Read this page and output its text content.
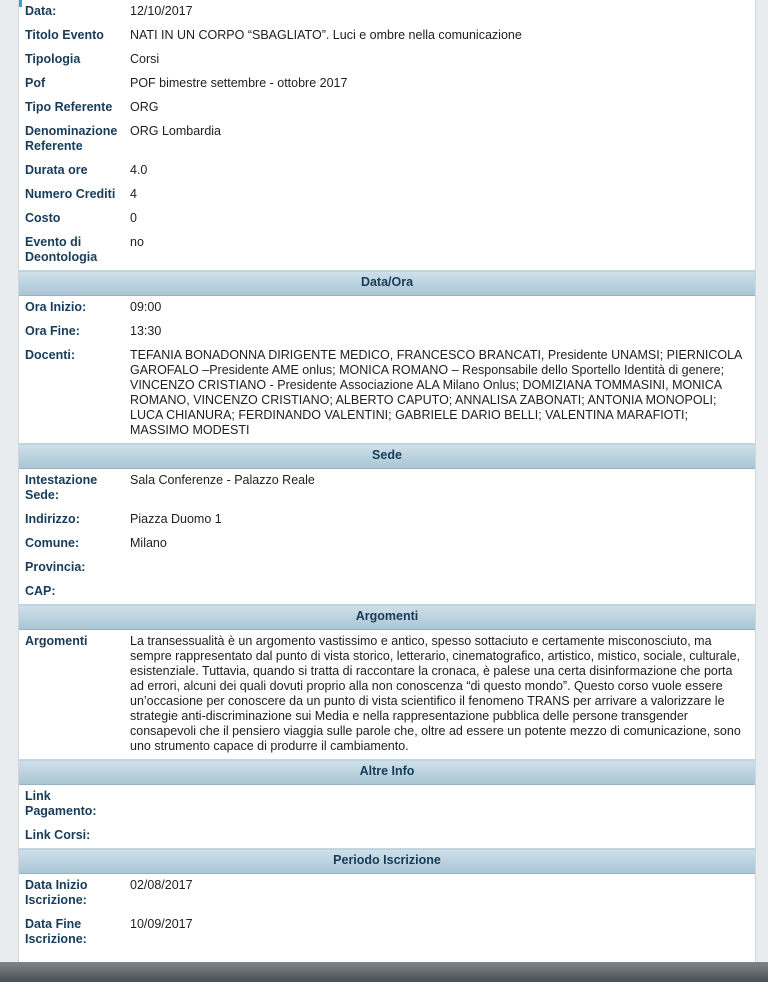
Data:	12/10/2017
Titolo Evento	NATI IN UN CORPO “SBAGLIATO”. Luci e ombre nella comunicazione
Tipologia	Corsi
Pof	POF bimestre settembre - ottobre 2017
Tipo Referente	ORG
Denominazione Referente	ORG Lombardia
Durata ore	4.0
Numero Crediti	4
Costo	0
Evento di Deontologia	no
Data/Ora	
Ora Inizio:	09:00
Ora Fine:	13:30
Docenti:	TEFANIA BONADONNA DIRIGENTE MEDICO, FRANCESCO BRANCATI, Presidente UNAMSI; PIERNICOLA GAROFALO –Presidente AME onlus; MONICA ROMANO – Responsabile dello Sportello Identità di genere; VINCENZO CRISTIANO - Presidente Associazione ALA Milano Onlus; DOMIZIANA TOMMASINI, MONICA ROMANO, VINCENZO CRISTIANO; ALBERTO CAPUTO; ANNALISA ZABONATI; ANTONIA MONOPOLI; LUCA CHIANURA; FERDINANDO VALENTINI; GABRIELE DARIO BELLI; VALENTINA MARAFIOTI; MASSIMO MODESTI
Sede	
Intestazione Sede:	Sala Conferenze - Palazzo Reale
Indirizzo:	Piazza Duomo 1
Comune:	Milano
Provincia:	
CAP:	
Argomenti	
Argomenti	La transessualità è un argomento vastissimo e antico, spesso sottaciuto e certamente misconosciuto, ma sempre rappresentato dal punto di vista storico, letterario, cinematografico, artistico, mistico, sociale, culturale, esistenziale. Tuttavia, quando si tratta di raccontare la cronaca, è palese una certa disinformazione che porta ad errori, alcuni dei quali dovuti proprio alla non conoscenza “di questo mondo”. Questo corso vuole essere un’occasione per conoscere da un punto di vista scientifico il fenomeno TRANS per arrivare a valorizzare le strategie anti-discriminazione sui Media e nella rappresentazione pubblica delle persone transgender consapevoli che il pensiero viaggia sulle parole che, oltre ad essere un potente mezzo di comunicazione, sono uno strumento capace di produrre il cambiamento.
Altre Info	
Link Pagamento:	
Link Corsi:	
Periodo Iscrizione	
Data Inizio Iscrizione:	02/08/2017
Data Fine Iscrizione:	10/09/2017
